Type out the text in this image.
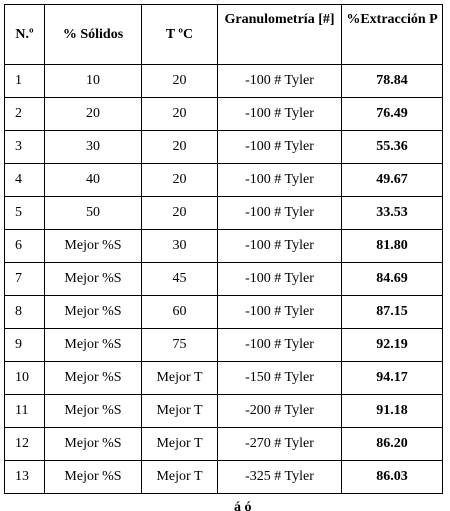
N.º	% Sólidos	T ºC	Granulometría [#]	%Extracción P
1	10	20	-100 # Tyler	78.84
2	20	20	-100 # Tyler	76.49
3	30	20	-100 # Tyler	55.36
4	40	20	-100 # Tyler	49.67
5	50	20	-100 # Tyler	33.53
6	Mejor %S	30	-100 # Tyler	81.80
7	Mejor %S	45	-100 # Tyler	84.69
8	Mejor %S	60	-100 # Tyler	87.15
9	Mejor %S	75	-100 # Tyler	92.19
10	Mejor %S	Mejor T	-150 # Tyler	94.17
11	Mejor %S	Mejor T	-200 # Tyler	91.18
12	Mejor %S	Mejor T	-270 # Tyler	86.20
13	Mejor %S	Mejor T	-325 # Tyler	86.03
á ó
